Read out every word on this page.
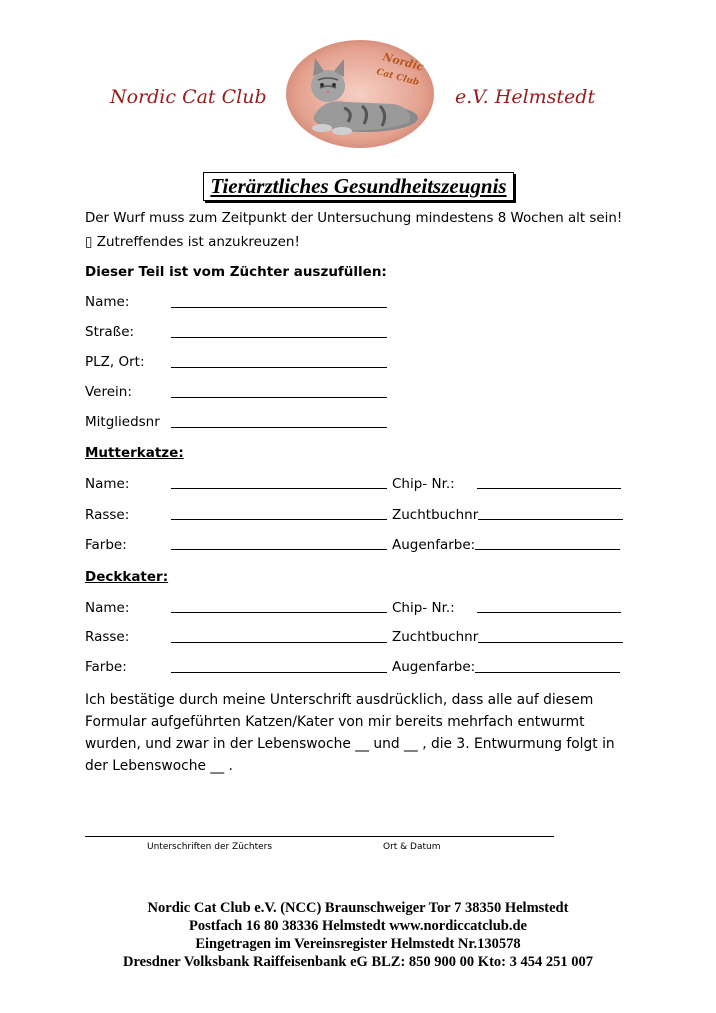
Nordic Cat Club	e.V. Helmstedt
Nordic
Cat Club
Tierärztliches Gesundheitszeugnis
Der Wurf muss zum Zeitpunkt der Untersuchung mindestens 8 Wochen alt sein!
▯ Zutreffendes ist anzukreuzen!
Dieser Teil ist vom Züchter auszufüllen:
Name:
Straße:
PLZ, Ort:
Verein:
Mitgliedsnr
Mutterkatze:
Name:	Chip- Nr.:
Rasse:	Zuchtbuchnr
Farbe:	Augenfarbe:
Deckkater:
Name:	Chip- Nr.:
Rasse:	Zuchtbuchnr
Farbe:	Augenfarbe:
Ich bestätige durch meine Unterschrift ausdrücklich, dass alle auf diesem
Formular aufgeführten Katzen/Kater von mir bereits mehrfach entwurmt
wurden, und zwar in der Lebenswoche __ und __ , die 3. Entwurmung folgt in
der Lebenswoche __ .
Unterschriften der Züchters	Ort & Datum
Nordic Cat Club e.V. (NCC) Braunschweiger Tor 7 38350 Helmstedt
Postfach 16 80 38336 Helmstedt www.nordiccatclub.de
Eingetragen im Vereinsregister Helmstedt Nr.130578
Dresdner Volksbank Raiffeisenbank eG BLZ: 850 900 00 Kto: 3 454 251 007
